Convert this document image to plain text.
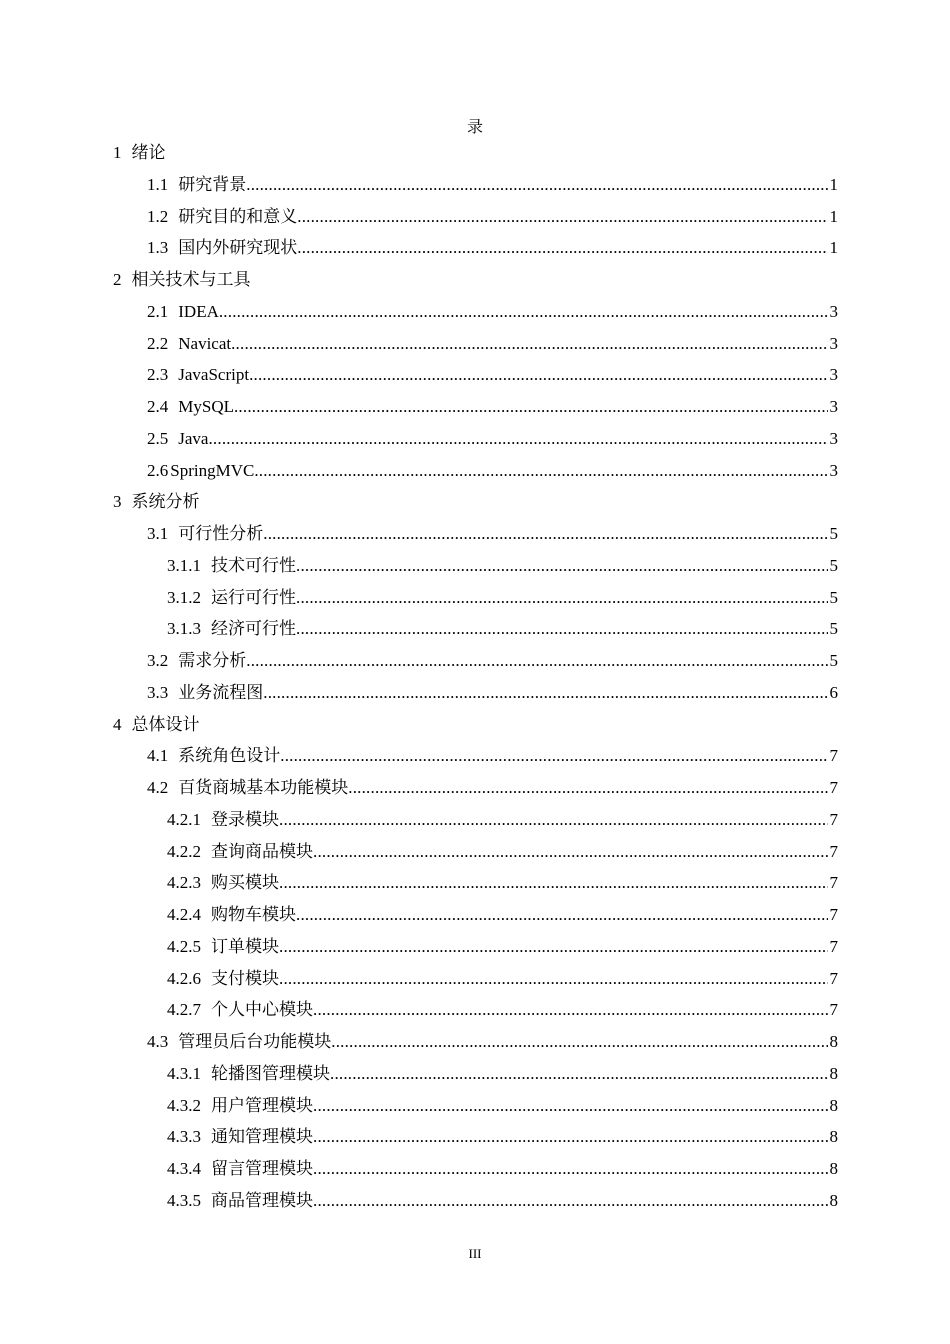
录
1 绪论
1.1 研究背景 .....	1
1.2 研究目的和意义 .....	1
1.3 国内外研究现状 .....	1
2 相关技术与工具
2.1 IDEA .....	3
2.2 Navicat .....	3
2.3 JavaScript .....	3
2.4 MySQL .....	3
2.5 Java .....	3
2.6 SpringMVC .....	3
3 系统分析
3.1 可行性分析 .....	5
3.1.1 技术可行性 .....	5
3.1.2 运行可行性 .....	5
3.1.3 经济可行性 .....	5
3.2 需求分析 .....	5
3.3 业务流程图 .....	6
4 总体设计
4.1 系统角色设计 .....	7
4.2 百货商城基本功能模块 .....	7
4.2.1 登录模块 .....	7
4.2.2 查询商品模块 .....	7
4.2.3 购买模块 .....	7
4.2.4 购物车模块 .....	7
4.2.5 订单模块 .....	7
4.2.6 支付模块 .....	7
4.2.7 个人中心模块 .....	7
4.3 管理员后台功能模块 .....	8
4.3.1 轮播图管理模块 .....	8
4.3.2 用户管理模块 .....	8
4.3.3 通知管理模块 .....	8
4.3.4 留言管理模块 .....	8
4.3.5 商品管理模块 .....	8
III
